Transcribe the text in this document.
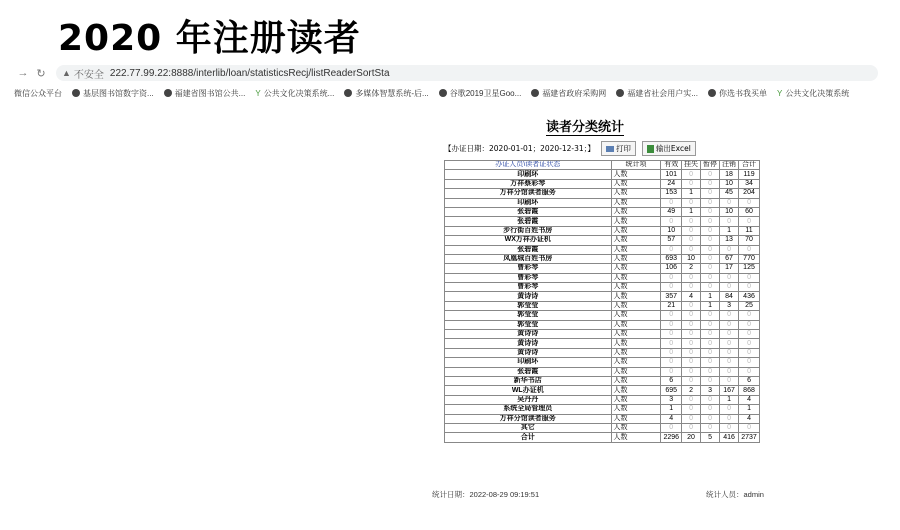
2020 年注册读者
→ ↻	▲ 不安全 222.77.99.22:8888/interlib/loan/statisticsRecj/listReaderSortSta
微信公众平台	基层图书馆数字资...	福建省图书馆公共... Y 公共文化决策系统...	多媒体智慧系统-后...	谷歌2019卫星Goo...	福建省政府采购网	福建省社会用户实...	你选书我买单 Y 公共文化决策系统
读者分类统计
【办证日期：2020-01-01；2020-12-31；】	打印	输出Excel
办证人员\读者证状态	统计项	有效	挂失	暂停	注销	合计
印刷环	人数	101	0	0	18	119
万祥蔡彩琴	人数	24	0	0	10	34
万祥分馆读者服务	人数	153	1	0	45	204
印刷环	人数	0	0	0	0	0
张碧霞	人数	49	1	0	10	60
张碧霞	人数	0	0	0	0	0
步行街百姓书房	人数	10	0	0	1	11
WX万祥办证机	人数	57	0	0	13	70
张碧霞	人数	0	0	0	0	0
凤凰城百姓书房	人数	693	10	0	67	770
曹彩琴	人数	106	2	0	17	125
曹彩琴	人数	0	0	0	0	0
曹彩琴	人数	0	0	0	0	0
黄诗诗	人数	357	4	1	84	436
郭莹莹	人数	21	0	1	3	25
郭莹莹	人数	0	0	0	0	0
郭莹莹	人数	0	0	0	0	0
黄诗诗	人数	0	0	0	0	0
黄诗诗	人数	0	0	0	0	0
黄诗诗	人数	0	0	0	0	0
印刷环	人数	0	0	0	0	0
张碧霞	人数	0	0	0	0	0
新华书店	人数	6	0	0	0	6
WL办证机	人数	695	2	3	167	868
吴丹丹	人数	3	0	0	1	4
系统全局管理员	人数	1	0	0	0	1
万祥分馆读者服务	人数	4	0	0	0	4
其它	人数	0	0	0	0	0
合计	人数	2296	20	5	416	2737
统计日期：2022-08-29 09:19:51	统计人员：admin
